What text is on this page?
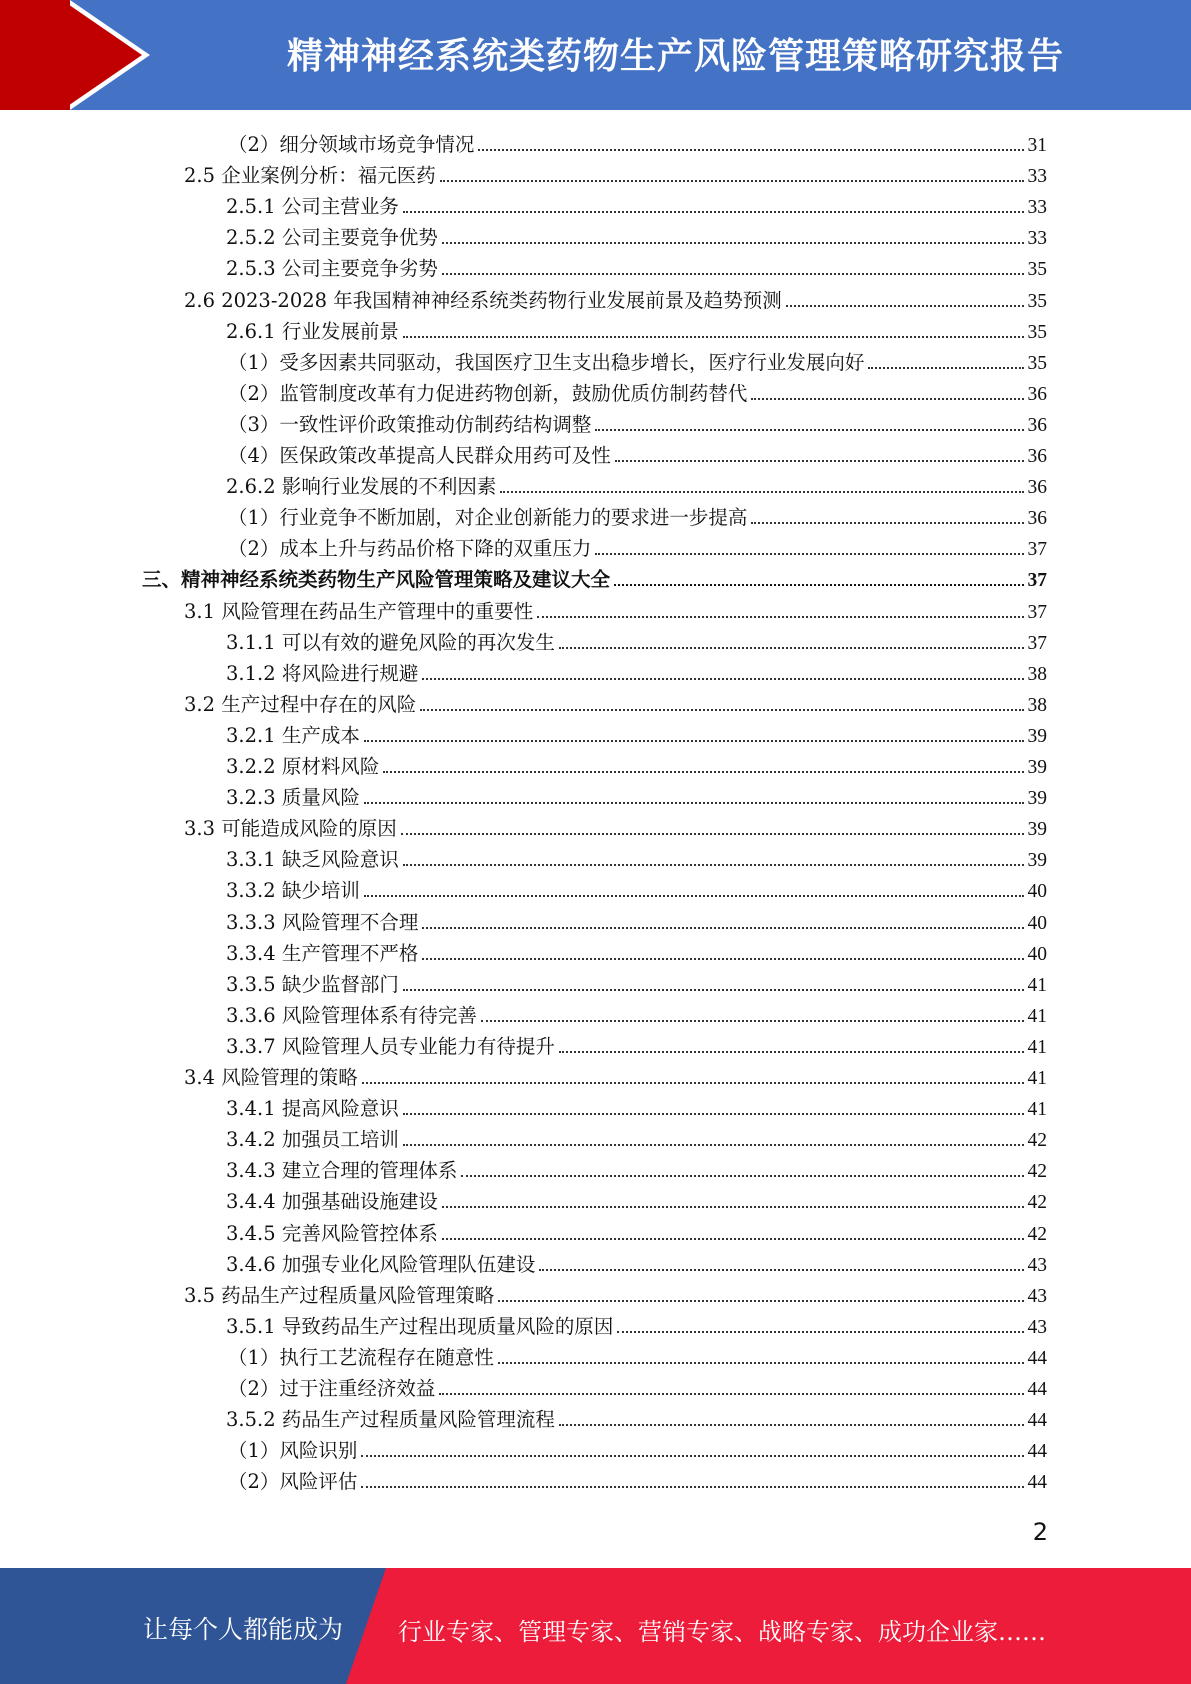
精神神经系统类药物生产风险管理策略研究报告
（2）细分领域市场竞争情况	31
2.5 企业案例分析：福元医药	33
2.5.1 公司主营业务	33
2.5.2 公司主要竞争优势	33
2.5.3 公司主要竞争劣势	35
2.6 2023-2028 年我国精神神经系统类药物行业发展前景及趋势预测	35
2.6.1 行业发展前景	35
（1）受多因素共同驱动，我国医疗卫生支出稳步增长，医疗行业发展向好	35
（2）监管制度改革有力促进药物创新，鼓励优质仿制药替代	36
（3）一致性评价政策推动仿制药结构调整	36
（4）医保政策改革提高人民群众用药可及性	36
2.6.2 影响行业发展的不利因素	36
（1）行业竞争不断加剧，对企业创新能力的要求进一步提高	36
（2）成本上升与药品价格下降的双重压力	37
三、精神神经系统类药物生产风险管理策略及建议大全	37
3.1 风险管理在药品生产管理中的重要性	37
3.1.1 可以有效的避免风险的再次发生	37
3.1.2 将风险进行规避	38
3.2 生产过程中存在的风险	38
3.2.1 生产成本	39
3.2.2 原材料风险	39
3.2.3 质量风险	39
3.3 可能造成风险的原因	39
3.3.1 缺乏风险意识	39
3.3.2 缺少培训	40
3.3.3 风险管理不合理	40
3.3.4 生产管理不严格	40
3.3.5 缺少监督部门	41
3.3.6 风险管理体系有待完善	41
3.3.7 风险管理人员专业能力有待提升	41
3.4 风险管理的策略	41
3.4.1 提高风险意识	41
3.4.2 加强员工培训	42
3.4.3 建立合理的管理体系	42
3.4.4 加强基础设施建设	42
3.4.5 完善风险管控体系	42
3.4.6 加强专业化风险管理队伍建设	43
3.5 药品生产过程质量风险管理策略	43
3.5.1 导致药品生产过程出现质量风险的原因	43
（1）执行工艺流程存在随意性	44
（2）过于注重经济效益	44
3.5.2 药品生产过程质量风险管理流程	44
（1）风险识别	44
（2）风险评估	44
2
让每个人都能成为 行业专家、管理专家、营销专家、战略专家、成功企业家……
